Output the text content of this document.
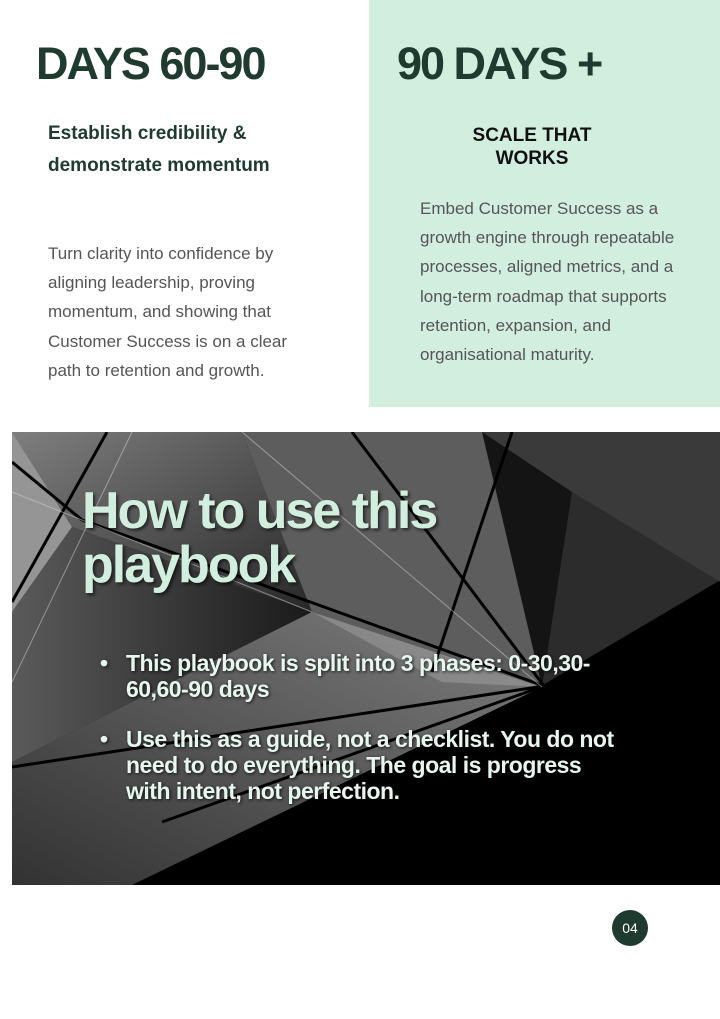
DAYS 60-90
Establish credibility & demonstrate momentum
Turn clarity into confidence by aligning leadership, proving momentum, and showing that Customer Success is on a clear path to retention and growth.
90 DAYS +
SCALE THAT WORKS
Embed Customer Success as a growth engine through repeatable processes, aligned metrics, and a long-term roadmap that supports retention, expansion, and organisational maturity.
How to use this playbook
• This playbook is split into 3 phases: 0-30,30-60,60-90 days
• Use this as a guide, not a checklist. You do not need to do everything. The goal is progress with intent, not perfection.
04
